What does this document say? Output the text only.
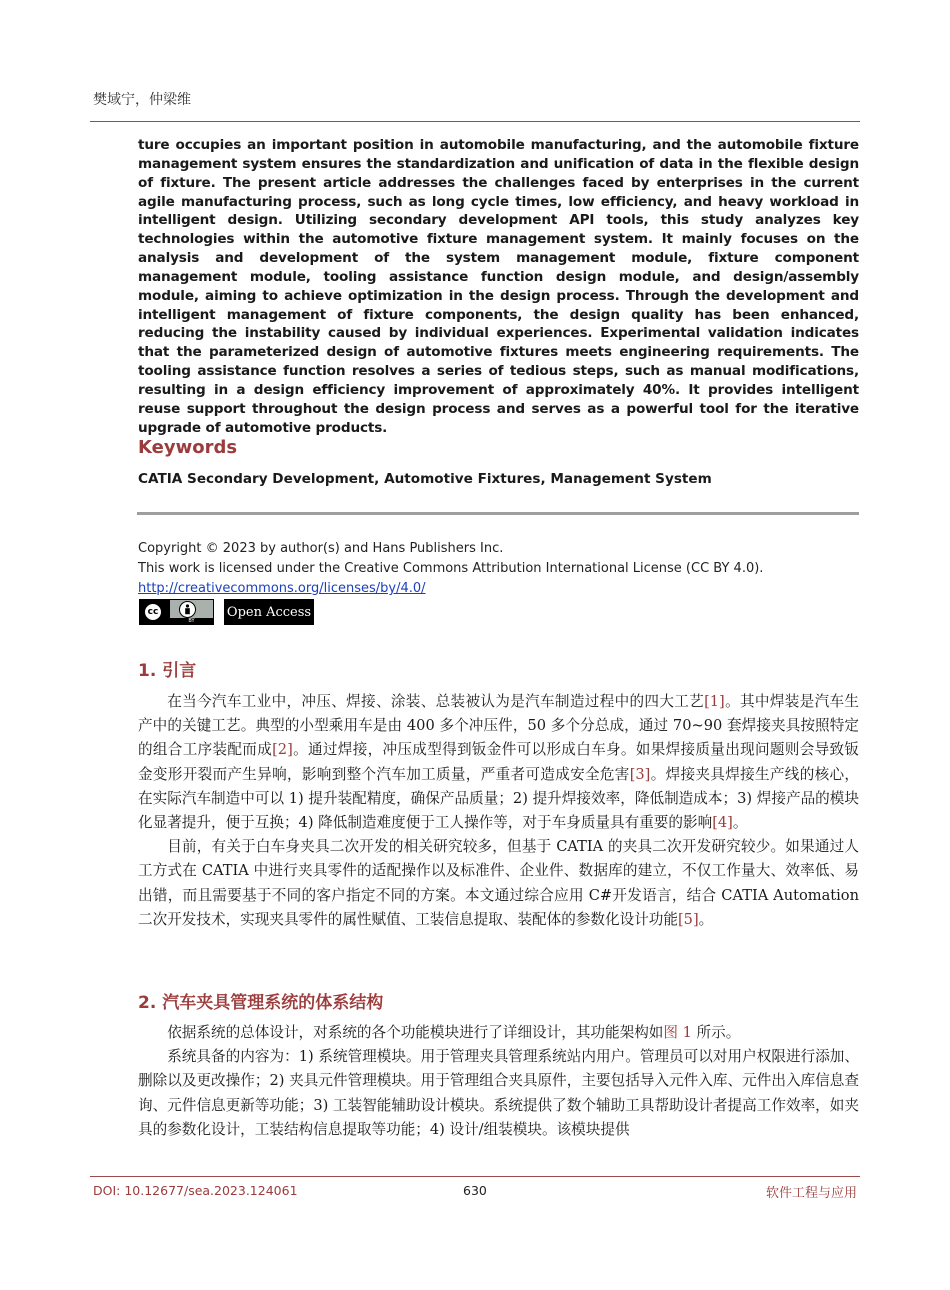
樊域宁，仲梁维
ture occupies an important position in automobile manufacturing, and the automobile fixture management system ensures the standardization and unification of data in the flexible design of fixture. The present article addresses the challenges faced by enterprises in the current agile manufacturing process, such as long cycle times, low efficiency, and heavy workload in intelligent design. Utilizing secondary development API tools, this study analyzes key technologies within the automotive fixture management system. It mainly focuses on the analysis and development of the system management module, fixture component management module, tooling assistance function design module, and design/assembly module, aiming to achieve optimization in the design process. Through the development and intelligent management of fixture components, the design quality has been enhanced, reducing the instability caused by individual experiences. Experimental validation indicates that the parameterized design of automotive fixtures meets engineering requirements. The tooling assistance function resolves a series of tedious steps, such as manual modifications, resulting in a design efficiency improvement of approximately 40%. It provides intelligent reuse support throughout the design process and serves as a powerful tool for the iterative upgrade of automotive products.
Keywords
CATIA Secondary Development, Automotive Fixtures, Management System
Copyright © 2023 by author(s) and Hans Publishers Inc.
This work is licensed under the Creative Commons Attribution International License (CC BY 4.0).
http://creativecommons.org/licenses/by/4.0/
cc
BY
Open Access
1. 引言

在当今汽车工业中，冲压、焊接、涂装、总装被认为是汽车制造过程中的四大工艺[1]。其中焊装是汽车生产中的关键工艺。典型的小型乘用车是由 400 多个冲压件，50 多个分总成，通过 70~90 套焊接夹具按照特定的组合工序装配而成[2]。通过焊接，冲压成型得到钣金件可以形成白车身。如果焊接质量出现问题则会导致钣金变形开裂而产生异响，影响到整个汽车加工质量，严重者可造成安全危害[3]。焊接夹具焊接生产线的核心，在实际汽车制造中可以 1) 提升装配精度，确保产品质量；2) 提升焊接效率，降低制造成本；3) 焊接产品的模块化显著提升，便于互换；4) 降低制造难度便于工人操作等，对于车身质量具有重要的影响[4]。

目前，有关于白车身夹具二次开发的相关研究较多，但基于 CATIA 的夹具二次开发研究较少。如果通过人工方式在 CATIA 中进行夹具零件的适配操作以及标准件、企业件、数据库的建立，不仅工作量大、效率低、易出错，而且需要基于不同的客户指定不同的方案。本文通过综合应用 C#开发语言，结合 CATIA Automation 二次开发技术，实现夹具零件的属性赋值、工装信息提取、装配体的参数化设计功能[5]。

2. 汽车夹具管理系统的体系结构

依据系统的总体设计，对系统的各个功能模块进行了详细设计，其功能架构如图 1 所示。

系统具备的内容为：1) 系统管理模块。用于管理夹具管理系统站内用户。管理员可以对用户权限进行添加、删除以及更改操作；2) 夹具元件管理模块。用于管理组合夹具原件，主要包括导入元件入库、元件出入库信息查询、元件信息更新等功能；3) 工装智能辅助设计模块。系统提供了数个辅助工具帮助设计者提高工作效率，如夹具的参数化设计，工装结构信息提取等功能；4) 设计/组装模块。该模块提供

DOI: 10.12677/sea.2023.124061	630	软件工程与应用
